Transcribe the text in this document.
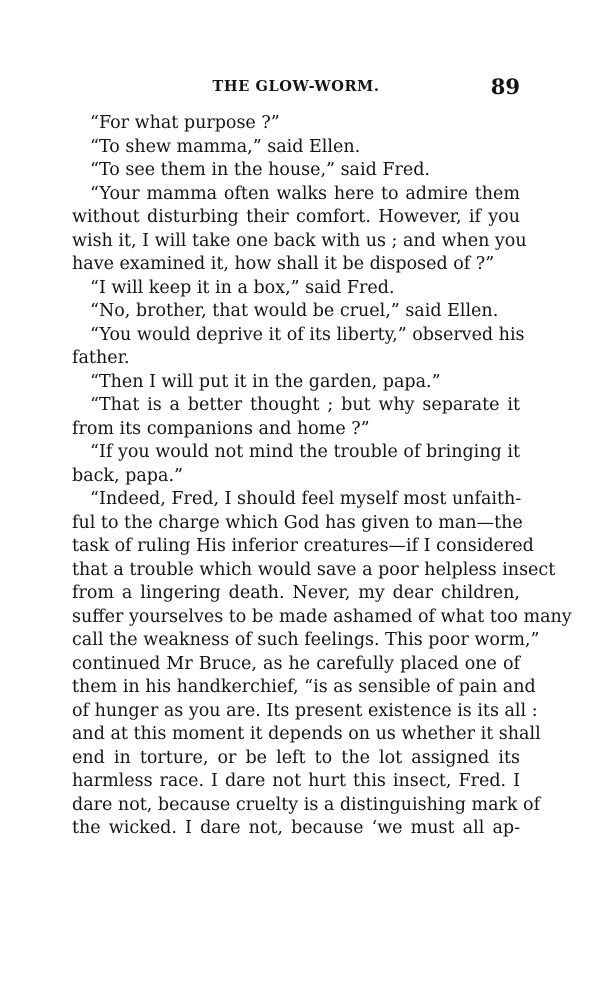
THE GLOW-WORM.	89
“For what purpose ?”
“To shew mamma,” said Ellen.
“To see them in the house,” said Fred.
“Your mamma often walks here to admire them
without disturbing their comfort. However, if you
wish it, I will take one back with us ; and when you
have examined it, how shall it be disposed of ?”
“I will keep it in a box,” said Fred.
“No, brother, that would be cruel,” said Ellen.
“You would deprive it of its liberty,” observed his
father.
“Then I will put it in the garden, papa.”
“That is a better thought ; but why separate it
from its companions and home ?”
“If you would not mind the trouble of bringing it
back, papa.”
“Indeed, Fred, I should feel myself most unfaith-
ful to the charge which God has given to man—the
task of ruling His inferior creatures—if I considered
that a trouble which would save a poor helpless insect
from a lingering death. Never, my dear children,
suffer yourselves to be made ashamed of what too many
call the weakness of such feelings. This poor worm,”
continued Mr Bruce, as he carefully placed one of
them in his handkerchief, “is as sensible of pain and
of hunger as you are. Its present existence is its all :
and at this moment it depends on us whether it shall
end in torture, or be left to the lot assigned its
harmless race. I dare not hurt this insect, Fred. I
dare not, because cruelty is a distinguishing mark of
the wicked. I dare not, because ‘we must all ap-
